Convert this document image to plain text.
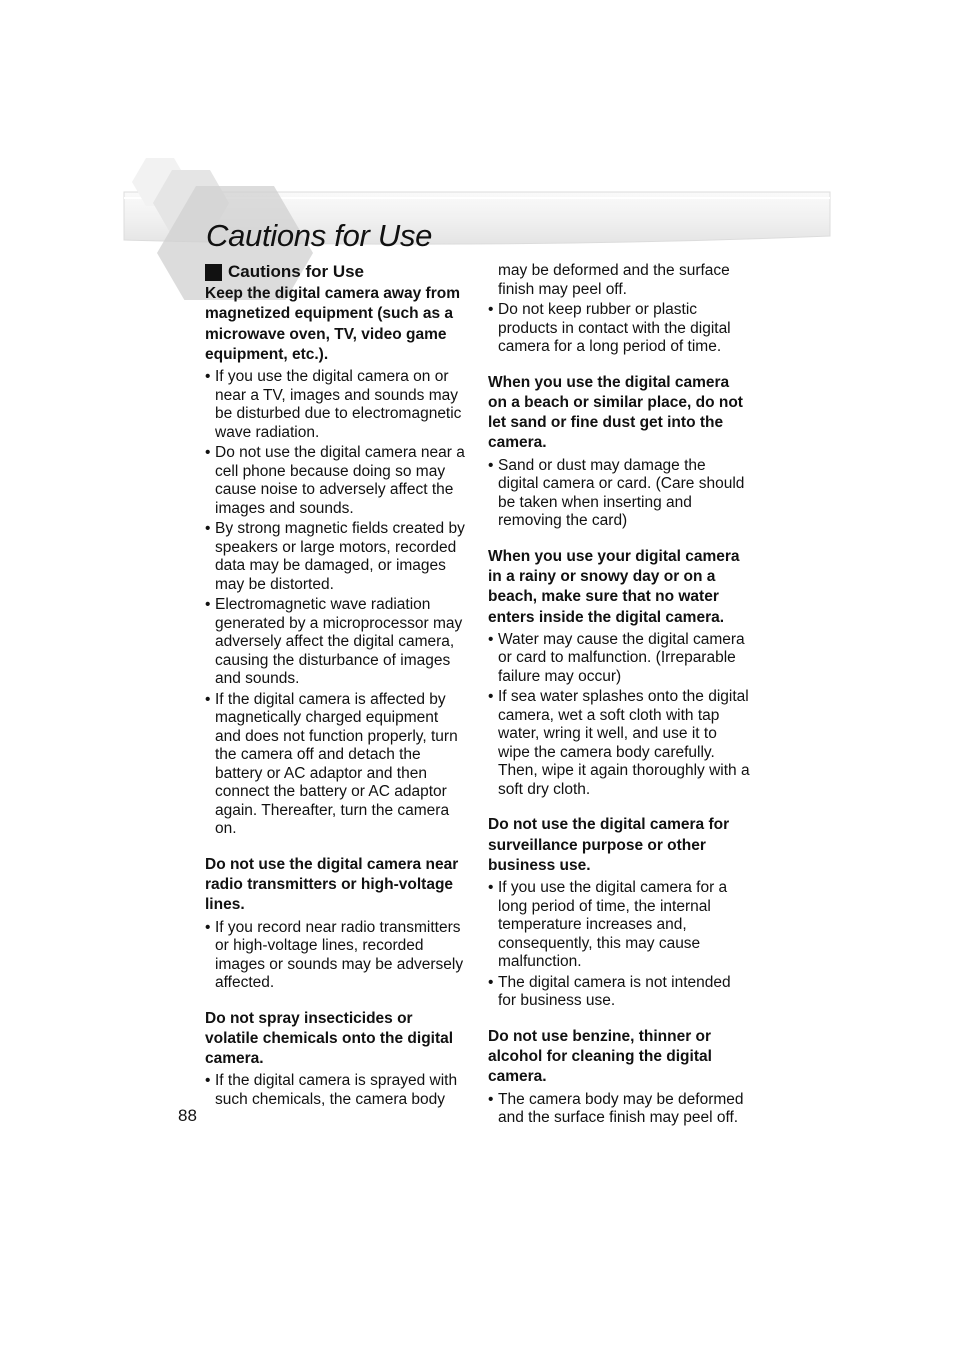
Cautions for Use
Cautions for Use
Keep the digital camera away from magnetized equipment (such as a microwave oven, TV, video game equipment, etc.).
• If you use the digital camera on or near a TV, images and sounds may be disturbed due to electromagnetic wave radiation.
• Do not use the digital camera near a cell phone because doing so may cause noise to adversely affect the images and sounds.
• By strong magnetic fields created by speakers or large motors, recorded data may be damaged, or images may be distorted.
• Electromagnetic wave radiation generated by a microprocessor may adversely affect the digital camera, causing the disturbance of images and sounds.
• If the digital camera is affected by magnetically charged equipment and does not function properly, turn the camera off and detach the battery or AC adaptor and then connect the battery or AC adaptor again. Thereafter, turn the camera on.
Do not use the digital camera near radio transmitters or high-voltage lines.
• If you record near radio transmitters or high-voltage lines, recorded images or sounds may be adversely affected.
Do not spray insecticides or volatile chemicals onto the digital camera.
• If the digital camera is sprayed with such chemicals, the camera body
may be deformed and the surface finish may peel off.
• Do not keep rubber or plastic products in contact with the digital camera for a long period of time.
When you use the digital camera on a beach or similar place, do not let sand or fine dust get into the camera.
• Sand or dust may damage the digital camera or card. (Care should be taken when inserting and removing the card)
When you use your digital camera in a rainy or snowy day or on a beach, make sure that no water enters inside the digital camera.
• Water may cause the digital camera or card to malfunction. (Irreparable failure may occur)
• If sea water splashes onto the digital camera, wet a soft cloth with tap water, wring it well, and use it to wipe the camera body carefully. Then, wipe it again thoroughly with a soft dry cloth.
Do not use the digital camera for surveillance purpose or other business use.
• If you use the digital camera for a long period of time, the internal temperature increases and, consequently, this may cause malfunction.
• The digital camera is not intended for business use.
Do not use benzine, thinner or alcohol for cleaning the digital camera.
• The camera body may be deformed and the surface finish may peel off.
88
